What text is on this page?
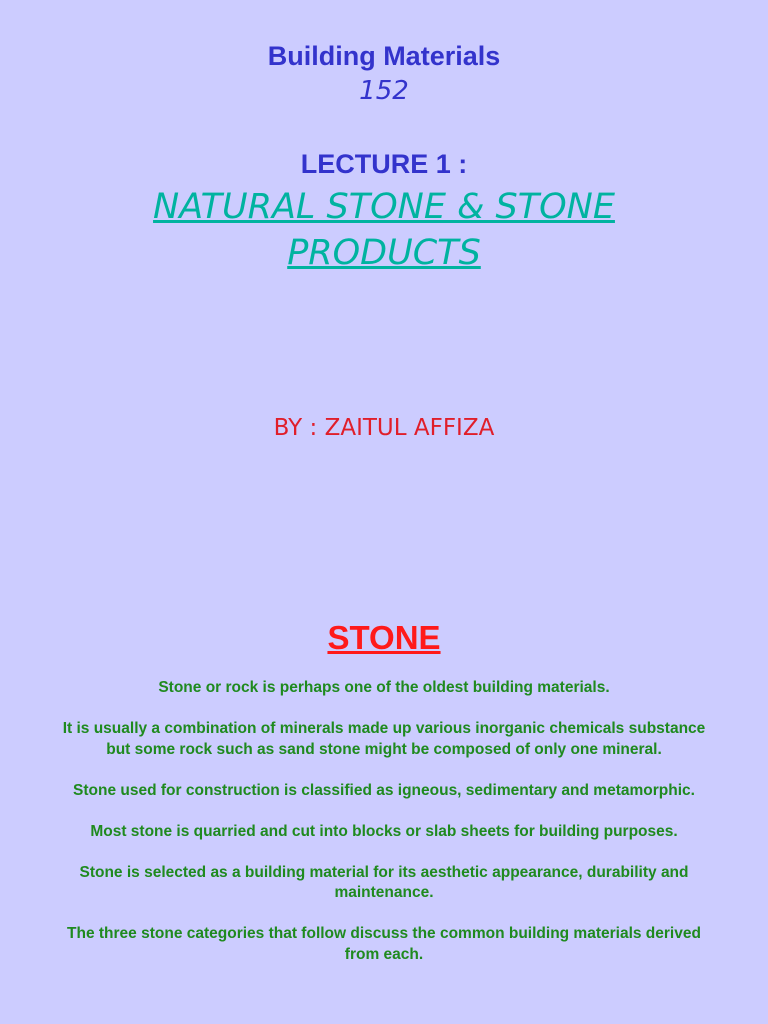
Building Materials
152
LECTURE 1 :
NATURAL STONE & STONE
PRODUCTS
BY : ZAITUL AFFIZA
STONE

Stone or rock is perhaps one of the oldest building materials.

It is usually a combination of minerals made up various inorganic chemicals substance but some rock such as sand stone might be composed of only one mineral.

Stone used for construction is classified as igneous, sedimentary and metamorphic.

Most stone is quarried and cut into blocks or slab sheets for building purposes.

Stone is selected as a building material for its aesthetic appearance, durability and maintenance.

The three stone categories that follow discuss the common building materials derived from each.
